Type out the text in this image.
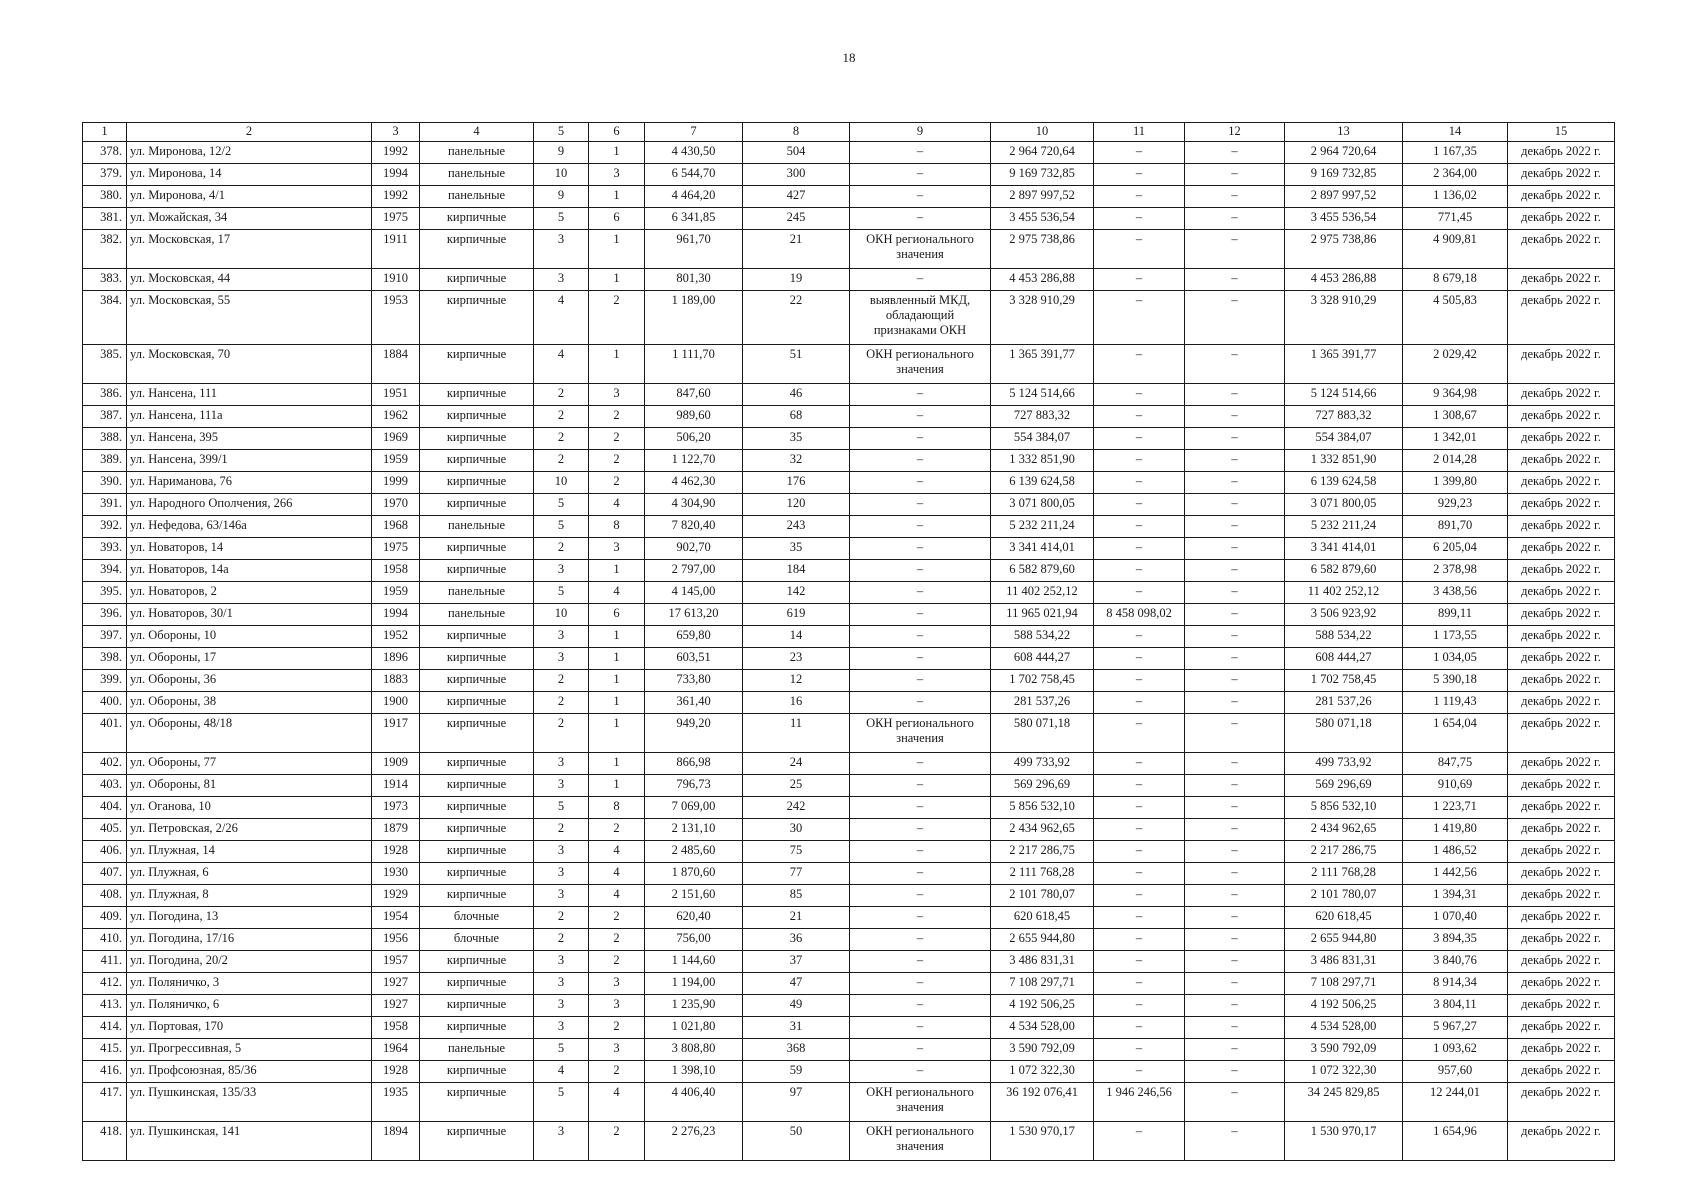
18
1	2	3	4	5	6	7	8	9	10	11	12	13	14	15
378.	ул. Миронова, 12/2	1992	панельные	9	1	4 430,50	504	–	2 964 720,64	–	–	2 964 720,64	1 167,35	декабрь 2022 г.
379.	ул. Миронова, 14	1994	панельные	10	3	6 544,70	300	–	9 169 732,85	–	–	9 169 732,85	2 364,00	декабрь 2022 г.
380.	ул. Миронова, 4/1	1992	панельные	9	1	4 464,20	427	–	2 897 997,52	–	–	2 897 997,52	1 136,02	декабрь 2022 г.
381.	ул. Можайская, 34	1975	кирпичные	5	6	6 341,85	245	–	3 455 536,54	–	–	3 455 536,54	771,45	декабрь 2022 г.
382.	ул. Московская, 17	1911	кирпичные	3	1	961,70	21	ОКН регионального значения	2 975 738,86	–	–	2 975 738,86	4 909,81	декабрь 2022 г.
383.	ул. Московская, 44	1910	кирпичные	3	1	801,30	19	–	4 453 286,88	–	–	4 453 286,88	8 679,18	декабрь 2022 г.
384.	ул. Московская, 55	1953	кирпичные	4	2	1 189,00	22	выявленный МКД, обладающий признаками ОКН	3 328 910,29	–	–	3 328 910,29	4 505,83	декабрь 2022 г.
385.	ул. Московская, 70	1884	кирпичные	4	1	1 111,70	51	ОКН регионального значения	1 365 391,77	–	–	1 365 391,77	2 029,42	декабрь 2022 г.
386.	ул. Нансена, 111	1951	кирпичные	2	3	847,60	46	–	5 124 514,66	–	–	5 124 514,66	9 364,98	декабрь 2022 г.
387.	ул. Нансена, 111а	1962	кирпичные	2	2	989,60	68	–	727 883,32	–	–	727 883,32	1 308,67	декабрь 2022 г.
388.	ул. Нансена, 395	1969	кирпичные	2	2	506,20	35	–	554 384,07	–	–	554 384,07	1 342,01	декабрь 2022 г.
389.	ул. Нансена, 399/1	1959	кирпичные	2	2	1 122,70	32	–	1 332 851,90	–	–	1 332 851,90	2 014,28	декабрь 2022 г.
390.	ул. Нариманова, 76	1999	кирпичные	10	2	4 462,30	176	–	6 139 624,58	–	–	6 139 624,58	1 399,80	декабрь 2022 г.
391.	ул. Народного Ополчения, 266	1970	кирпичные	5	4	4 304,90	120	–	3 071 800,05	–	–	3 071 800,05	929,23	декабрь 2022 г.
392.	ул. Нефедова, 63/146а	1968	панельные	5	8	7 820,40	243	–	5 232 211,24	–	–	5 232 211,24	891,70	декабрь 2022 г.
393.	ул. Новаторов, 14	1975	кирпичные	2	3	902,70	35	–	3 341 414,01	–	–	3 341 414,01	6 205,04	декабрь 2022 г.
394.	ул. Новаторов, 14а	1958	кирпичные	3	1	2 797,00	184	–	6 582 879,60	–	–	6 582 879,60	2 378,98	декабрь 2022 г.
395.	ул. Новаторов, 2	1959	панельные	5	4	4 145,00	142	–	11 402 252,12	–	–	11 402 252,12	3 438,56	декабрь 2022 г.
396.	ул. Новаторов, 30/1	1994	панельные	10	6	17 613,20	619	–	11 965 021,94	8 458 098,02	–	3 506 923,92	899,11	декабрь 2022 г.
397.	ул. Обороны, 10	1952	кирпичные	3	1	659,80	14	–	588 534,22	–	–	588 534,22	1 173,55	декабрь 2022 г.
398.	ул. Обороны, 17	1896	кирпичные	3	1	603,51	23	–	608 444,27	–	–	608 444,27	1 034,05	декабрь 2022 г.
399.	ул. Обороны, 36	1883	кирпичные	2	1	733,80	12	–	1 702 758,45	–	–	1 702 758,45	5 390,18	декабрь 2022 г.
400.	ул. Обороны, 38	1900	кирпичные	2	1	361,40	16	–	281 537,26	–	–	281 537,26	1 119,43	декабрь 2022 г.
401.	ул. Обороны, 48/18	1917	кирпичные	2	1	949,20	11	ОКН регионального значения	580 071,18	–	–	580 071,18	1 654,04	декабрь 2022 г.
402.	ул. Обороны, 77	1909	кирпичные	3	1	866,98	24	–	499 733,92	–	–	499 733,92	847,75	декабрь 2022 г.
403.	ул. Обороны, 81	1914	кирпичные	3	1	796,73	25	–	569 296,69	–	–	569 296,69	910,69	декабрь 2022 г.
404.	ул. Оганова, 10	1973	кирпичные	5	8	7 069,00	242	–	5 856 532,10	–	–	5 856 532,10	1 223,71	декабрь 2022 г.
405.	ул. Петровская, 2/26	1879	кирпичные	2	2	2 131,10	30	–	2 434 962,65	–	–	2 434 962,65	1 419,80	декабрь 2022 г.
406.	ул. Плужная, 14	1928	кирпичные	3	4	2 485,60	75	–	2 217 286,75	–	–	2 217 286,75	1 486,52	декабрь 2022 г.
407.	ул. Плужная, 6	1930	кирпичные	3	4	1 870,60	77	–	2 111 768,28	–	–	2 111 768,28	1 442,56	декабрь 2022 г.
408.	ул. Плужная, 8	1929	кирпичные	3	4	2 151,60	85	–	2 101 780,07	–	–	2 101 780,07	1 394,31	декабрь 2022 г.
409.	ул. Погодина, 13	1954	блочные	2	2	620,40	21	–	620 618,45	–	–	620 618,45	1 070,40	декабрь 2022 г.
410.	ул. Погодина, 17/16	1956	блочные	2	2	756,00	36	–	2 655 944,80	–	–	2 655 944,80	3 894,35	декабрь 2022 г.
411.	ул. Погодина, 20/2	1957	кирпичные	3	2	1 144,60	37	–	3 486 831,31	–	–	3 486 831,31	3 840,76	декабрь 2022 г.
412.	ул. Поляничко, 3	1927	кирпичные	3	3	1 194,00	47	–	7 108 297,71	–	–	7 108 297,71	8 914,34	декабрь 2022 г.
413.	ул. Поляничко, 6	1927	кирпичные	3	3	1 235,90	49	–	4 192 506,25	–	–	4 192 506,25	3 804,11	декабрь 2022 г.
414.	ул. Портовая, 170	1958	кирпичные	3	2	1 021,80	31	–	4 534 528,00	–	–	4 534 528,00	5 967,27	декабрь 2022 г.
415.	ул. Прогрессивная, 5	1964	панельные	5	3	3 808,80	368	–	3 590 792,09	–	–	3 590 792,09	1 093,62	декабрь 2022 г.
416.	ул. Профсоюзная, 85/36	1928	кирпичные	4	2	1 398,10	59	–	1 072 322,30	–	–	1 072 322,30	957,60	декабрь 2022 г.
417.	ул. Пушкинская, 135/33	1935	кирпичные	5	4	4 406,40	97	ОКН регионального значения	36 192 076,41	1 946 246,56	–	34 245 829,85	12 244,01	декабрь 2022 г.
418.	ул. Пушкинская, 141	1894	кирпичные	3	2	2 276,23	50	ОКН регионального значения	1 530 970,17	–	–	1 530 970,17	1 654,96	декабрь 2022 г.
